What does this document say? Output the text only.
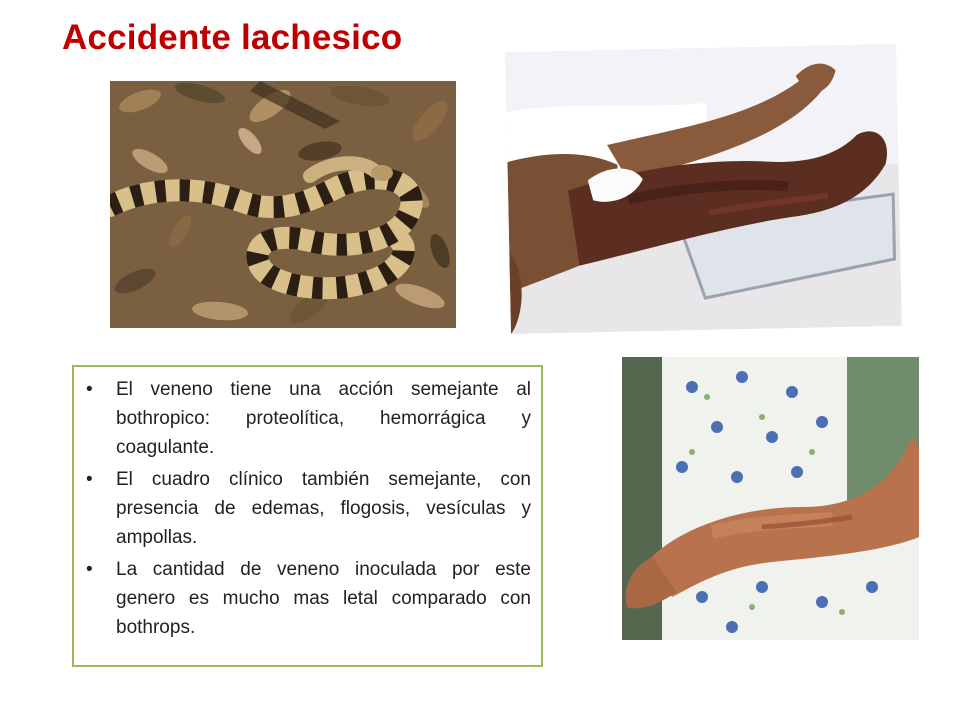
Accidente lachesico
•	El veneno tiene una acción semejante al bothropico: proteolítica, hemorrágica y coagulante.
•	El cuadro clínico también semejante, con presencia de edemas, flogosis, vesículas y ampollas.
•	La cantidad de veneno inoculada por este genero es mucho mas letal comparado con bothrops.
